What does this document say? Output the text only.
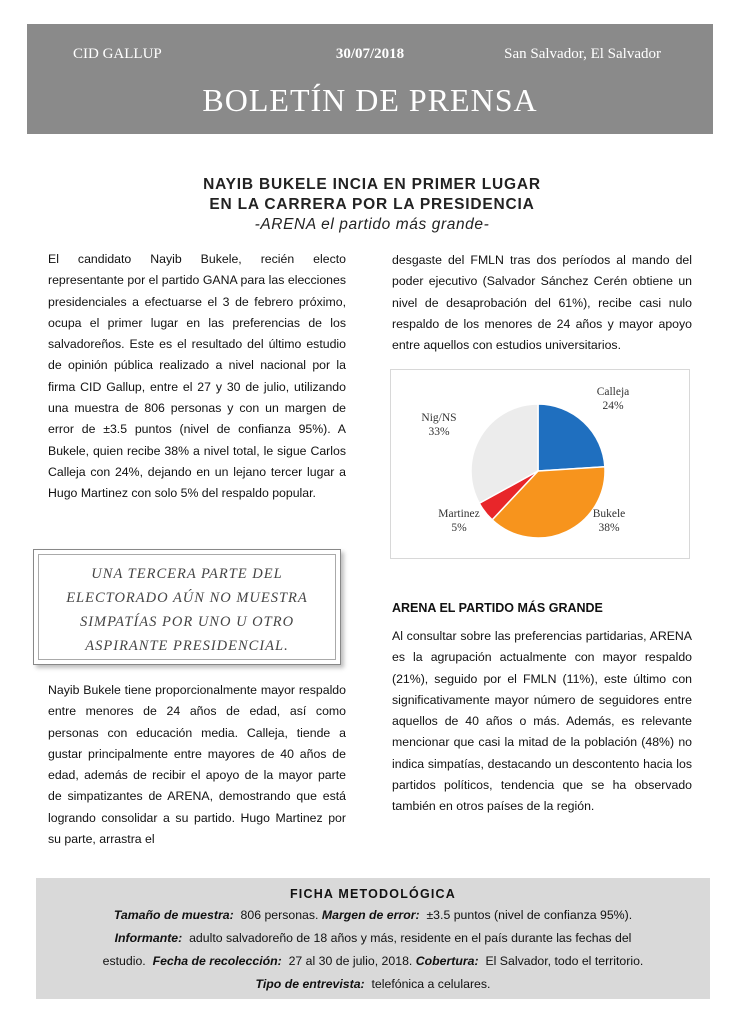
CID GALLUP	30/07/2018	San Salvador, El Salvador
BOLETÍN DE PRENSA
NAYIB BUKELE INCIA EN PRIMER LUGAR
EN LA CARRERA POR LA PRESIDENCIA
-ARENA el partido más grande-

El candidato Nayib Bukele, recién electo representante por el partido GANA para las elecciones presidenciales a efectuarse el 3 de febrero próximo, ocupa el primer lugar en las preferencias de los salvadoreños. Este es el resultado del último estudio de opinión pública realizado a nivel nacional por la firma CID Gallup, entre el 27 y 30 de julio, utilizando una muestra de 806 personas y con un margen de error de ±3.5 puntos (nivel de confianza 95%). A Bukele, quien recibe 38% a nivel total, le sigue Carlos Calleja con 24%, dejando en un lejano tercer lugar a Hugo Martinez con solo 5% del respaldo popular.

UNA TERCERA PARTE DEL ELECTORADO AÚN NO MUESTRA SIMPATÍAS POR UNO U OTRO ASPIRANTE PRESIDENCIAL.

Nayib Bukele tiene proporcionalmente mayor respaldo entre menores de 24 años de edad, así como personas con educación media. Calleja, tiende a gustar principalmente entre mayores de 40 años de edad, además de recibir el apoyo de la mayor parte de simpatizantes de ARENA, demostrando que está logrando consolidar a su partido. Hugo Martinez por su parte, arrastra el

desgaste del FMLN tras dos períodos al mando del poder ejecutivo (Salvador Sánchez Cerén obtiene un nivel de desaprobación del 61%), recibe casi nulo respaldo de los menores de 24 años y mayor apoyo entre aquellos con estudios universitarios.

Calleja
24%
Bukele
38%
Martinez
5%
Nig/NS
33%
ARENA EL PARTIDO MÁS GRANDE

Al consultar sobre las preferencias partidarias, ARENA es la agrupación actualmente con mayor respaldo (21%), seguido por el FMLN (11%), este último con significativamente mayor número de seguidores entre aquellos de 40 años o más. Además, es relevante mencionar que casi la mitad de la población (48%) no indica simpatías, destacando un descontento hacia los partidos políticos, tendencia que se ha observado también en otros países de la región.

FICHA METODOLÓGICA
Tamaño de muestra: 806 personas. Margen de error: ±3.5 puntos (nivel de confianza 95%).
Informante: adulto salvadoreño de 18 años y más, residente en el país durante las fechas del
estudio. Fecha de recolección: 27 al 30 de julio, 2018. Cobertura: El Salvador, todo el territorio.
Tipo de entrevista: telefónica a celulares.
